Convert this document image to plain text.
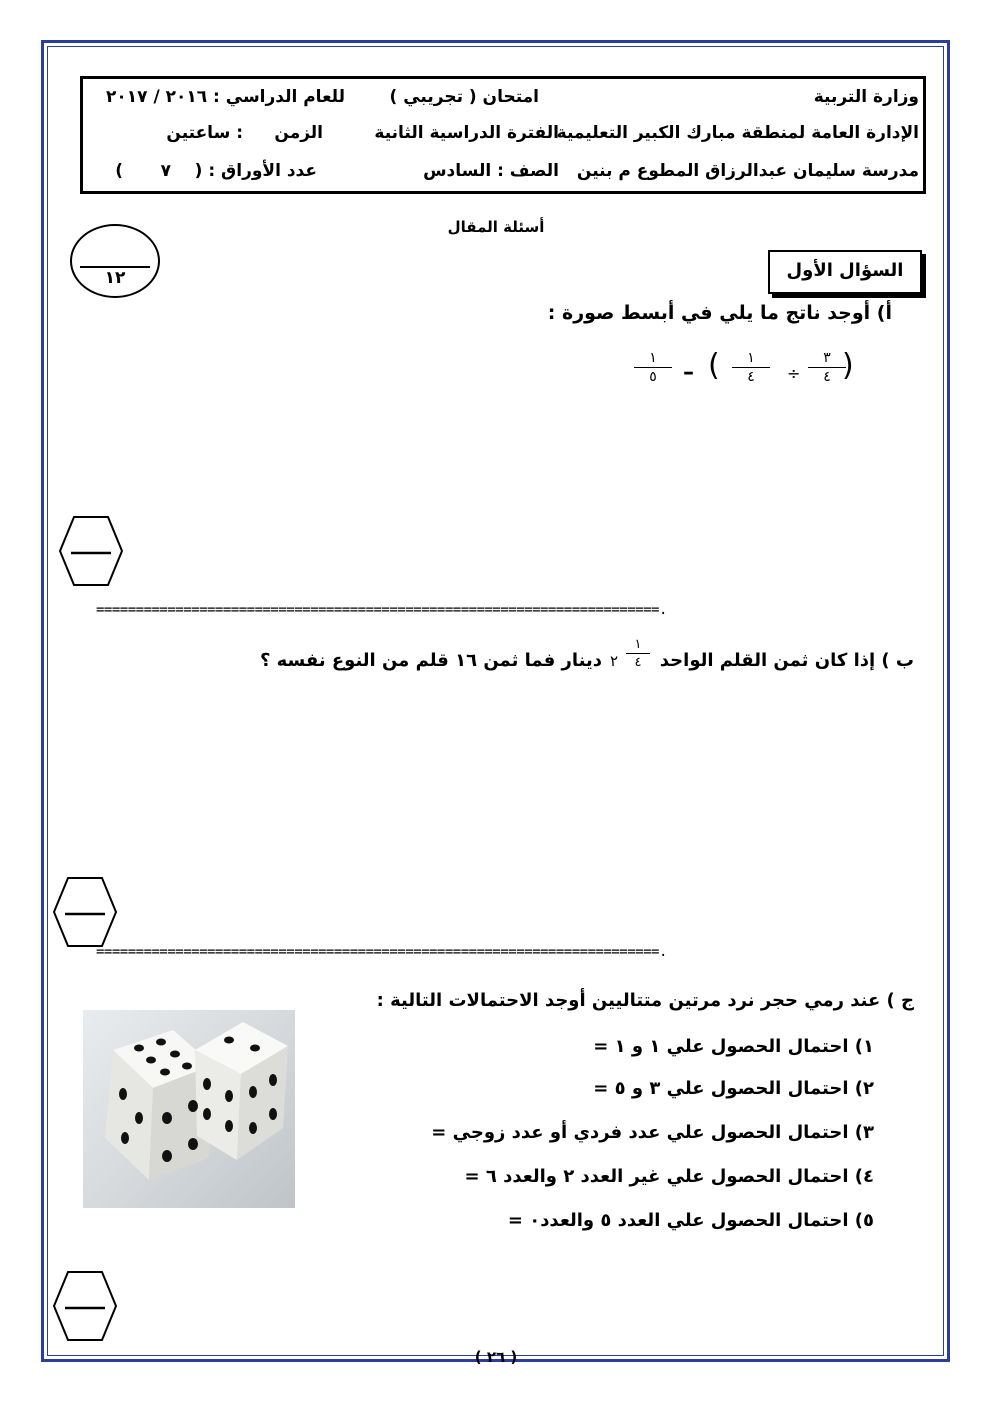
وزارة التربية
الإدارة العامة لمنطقة مبارك الكبير التعليمية
مدرسة سليمان عبدالرزاق المطوع م بنين
امتحان ( تجريبي )
الفترة الدراسية الثانية
الصف : السادس
للعام الدراسي : ٢٠١٦ / ٢٠١٧
الزمن
: ساعتين
عدد الأوراق : (
٧
)
أسئلة المقال
١٢	السؤال الأول
أ) أوجد ناتج ما يلي في أبسط صورة :
(
٣
٤
÷
١
٤
)
–
١
٥
=======================================================================.
ب ) إذا كان ثمن القلم الواحد
١
٤
٢
دينار فما ثمن ١٦ قلم من النوع نفسه ؟
=======================================================================.
ج ) عند رمي حجر نرد مرتين متتاليين أوجد الاحتمالات التالية :
١) احتمال الحصول علي ١ و ١ =
٢) احتمال الحصول علي ٣ و ٥ =
٣) احتمال الحصول علي عدد فردي أو عدد زوجي =
٤) احتمال الحصول علي غير العدد ٢ والعدد ٦ =
٥) احتمال الحصول علي العدد ٥ والعدد٠ =
( ٢٦ )
